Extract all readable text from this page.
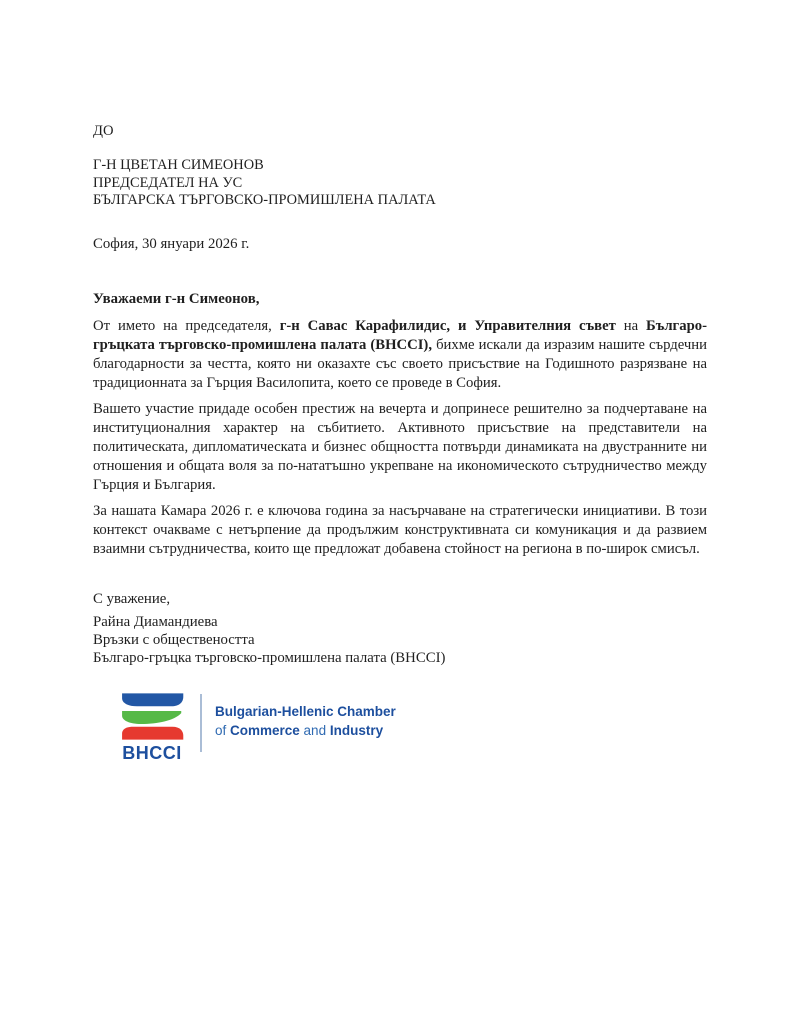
ДО
Г-Н ЦВЕТАН СИМЕОНОВ
ПРЕДСЕДАТЕЛ НА УС
БЪЛГАРСКА ТЪРГОВСКО-ПРОМИШЛЕНА ПАЛАТА
София, 30 януари 2026 г.
Уважаеми г-н Симеонов,

От името на председателя, г-н Савас Карафилидис, и Управителния съвет на Българо-гръцката търговско-промишлена палата (BHCCI), бихме искали да изразим нашите сърдечни благодарности за честта, която ни оказахте със своето присъствие на Годишното разрязване на традиционната за Гърция Василопита, което се проведе в София.

Вашето участие придаде особен престиж на вечерта и допринесе решително за подчертаване на институционалния характер на събитието. Активното присъствие на представители на политическата, дипломатическата и бизнес общността потвърди динамиката на двустранните ни отношения и общата воля за по-нататъшно укрепване на икономическото сътрудничество между Гърция и България.

За нашата Камара 2026 г. е ключова година за насърчаване на стратегически инициативи. В този контекст очакваме с нетърпение да продължим конструктивната си комуникация и да развием взаимни сътрудничества, които ще предложат добавена стойност на региона в по-широк смисъл.

С уважение,
Райна Диамандиева
Връзки с обществеността
Българо-гръцка търговско-промишлена палата (BHCCI)
BHCCI
Bulgarian-Hellenic Chamber
of Commerce and Industry
